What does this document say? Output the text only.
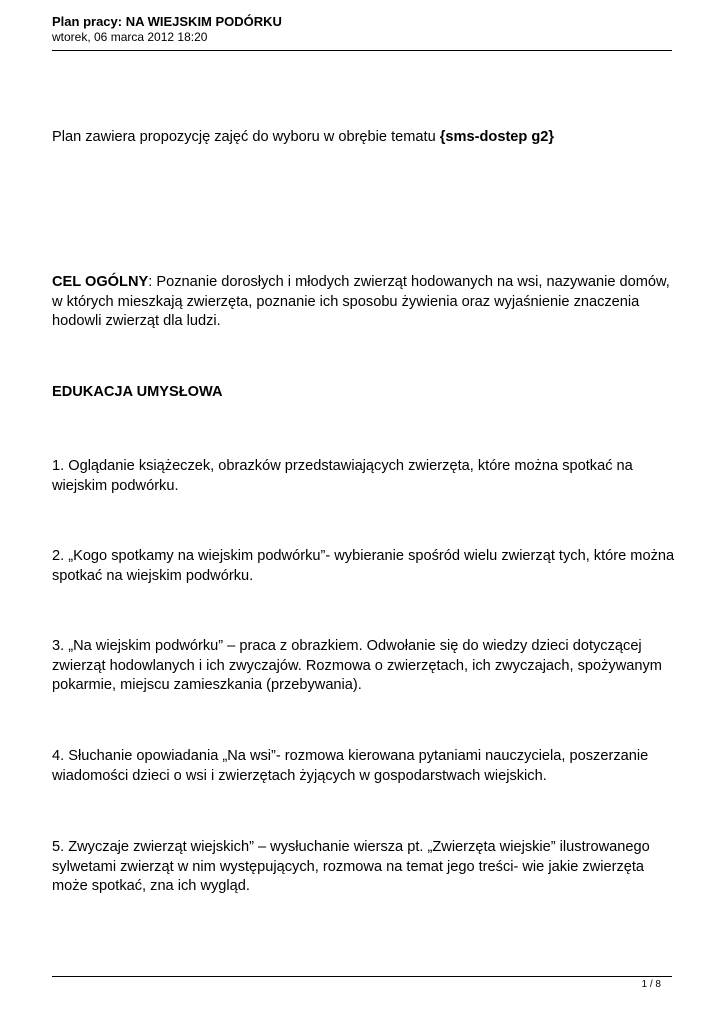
Plan pracy: NA WIEJSKIM PODÓRKU
wtorek, 06 marca 2012 18:20

Plan zawiera propozycję zajęć do wyboru w obrębie tematu {sms-dostep g2}

CEL OGÓLNY: Poznanie dorosłych i młodych zwierząt hodowanych na wsi, nazywanie domów, w których mieszkają zwierzęta, poznanie ich sposobu żywienia oraz wyjaśnienie znaczenia hodowli zwierząt dla ludzi.

EDUKACJA UMYSŁOWA

1. Oglądanie książeczek, obrazków przedstawiających zwierzęta, które można spotkać na wiejskim podwórku.

2. „Kogo spotkamy na wiejskim podwórku”- wybieranie spośród wielu zwierząt tych, które można spotkać na wiejskim podwórku.

3. „Na wiejskim podwórku” – praca z obrazkiem. Odwołanie się do wiedzy dzieci dotyczącej zwierząt hodowlanych i ich zwyczajów. Rozmowa o zwierzętach, ich zwyczajach, spożywanym pokarmie, miejscu zamieszkania (przebywania).

4. Słuchanie opowiadania „Na wsi”- rozmowa kierowana pytaniami nauczyciela, poszerzanie wiadomości dzieci o wsi i zwierzętach żyjących w gospodarstwach wiejskich.

5. Zwyczaje zwierząt wiejskich” – wysłuchanie wiersza pt. „Zwierzęta wiejskie” ilustrowanego sylwetami zwierząt w nim występujących, rozmowa na temat jego treści- wie jakie zwierzęta może spotkać, zna ich wygląd.

1 / 8
